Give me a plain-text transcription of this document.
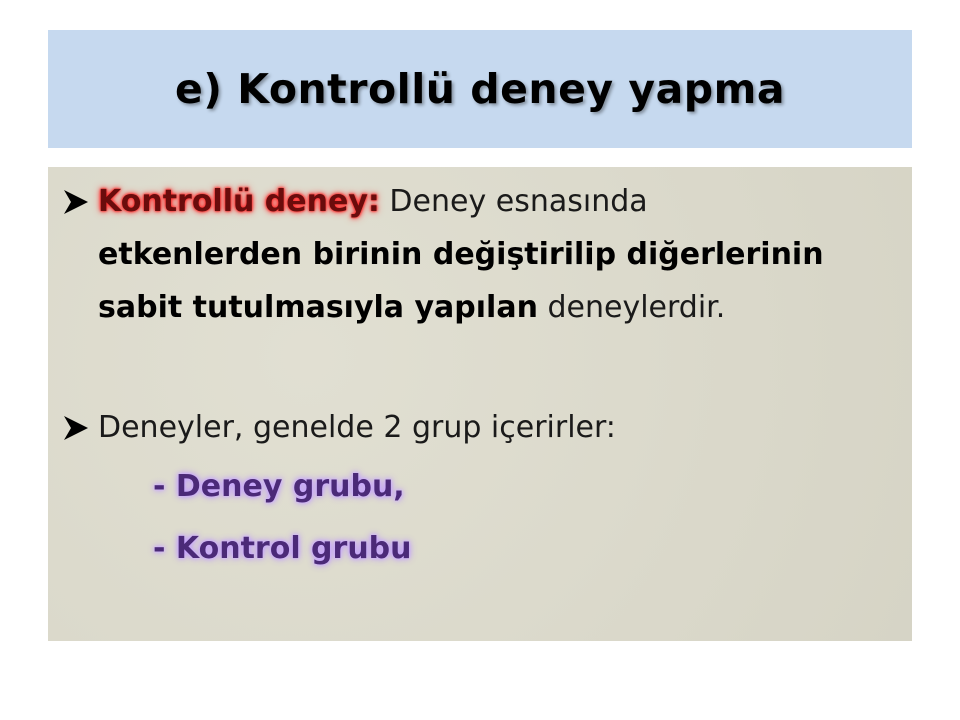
e) Kontrollü deney yapma
Kontrollü deney: Deney esnasında
etkenlerden birinin değiştirilip diğerlerinin
sabit tutulmasıyla yapılan deneylerdir.
Deneyler, genelde 2 grup içerirler:
- Deney grubu,
- Kontrol grubu
